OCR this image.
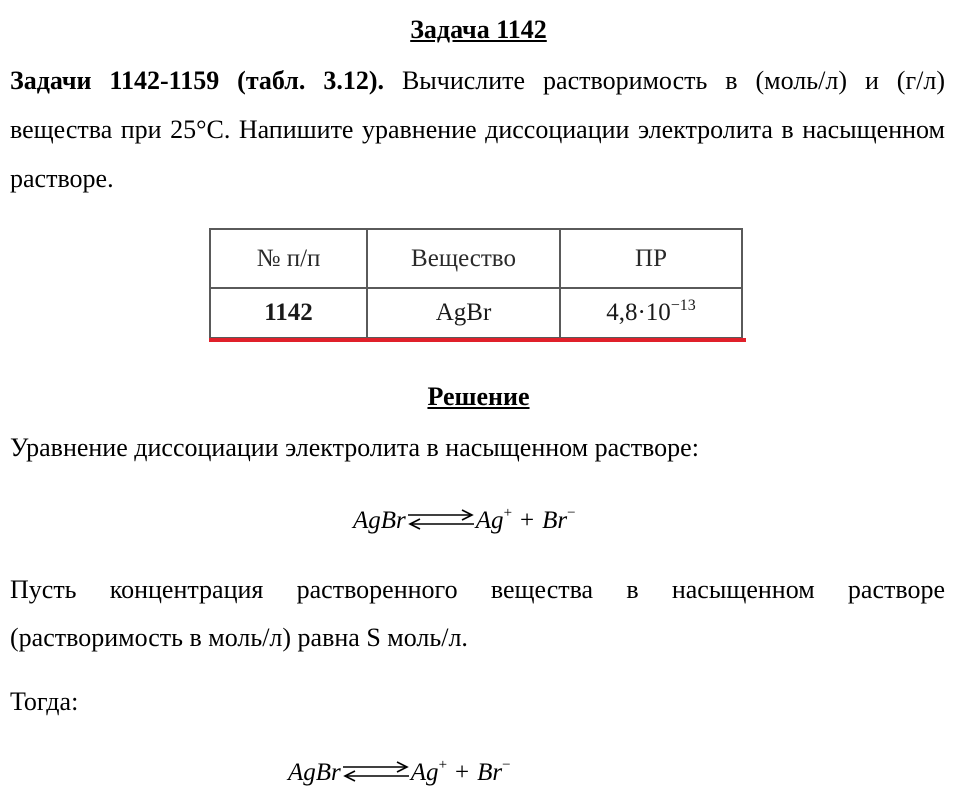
Задача 1142
Задачи 1142-1159 (табл. 3.12). Вычислите растворимость в (моль/л) и (г/л) вещества при 25°С. Напишите уравнение диссоциации электролита в насыщенном растворе.
№ п/п	Вещество	ПР
1142	AgBr	$4,8\cdot 10^{-13}$
Решение
Уравнение диссоциации электролита в насыщенном растворе:
AgBr⇌Ag+ + Br−
Пусть концентрация растворенного вещества в насыщенном растворе (растворимость в моль/л) равна S моль/л.
Тогда:
AgBr⇌Ag+ + Br−
